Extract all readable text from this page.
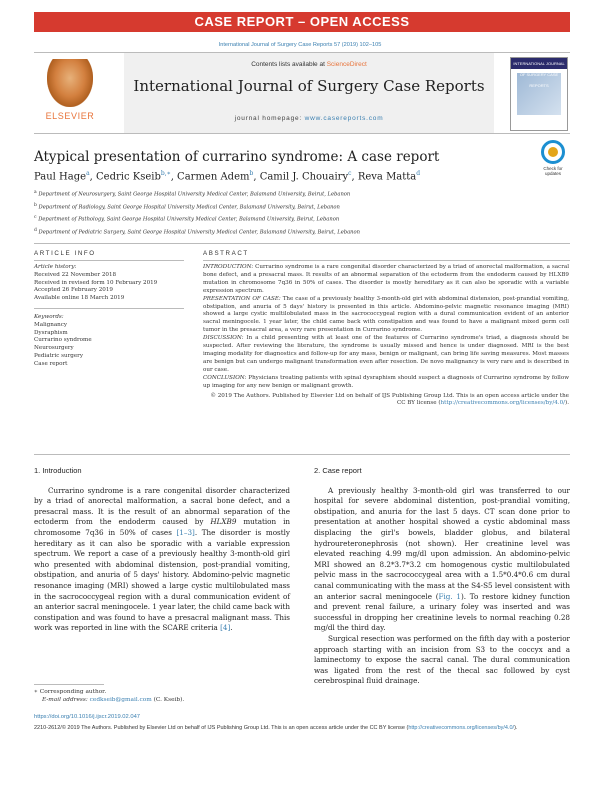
CASE REPORT – OPEN ACCESS
International Journal of Surgery Case Reports 57 (2019) 102–105
ELSEVIER
Contents lists available at ScienceDirect
International Journal of Surgery Case Reports
journal homepage: www.casereports.com
INTERNATIONAL JOURNAL OF SURGERY CASE REPORTS
Atypical presentation of currarino syndrome: A case report
Check for updates
Paul Hage$^a$, Cedric Kseib$^{b,∗}$, Carmen Adem$^b$, Camil J. Chouairy$^c$, Reva Matta$^d$
$^a$ Department of Neurosurgery, Saint George Hospital University Medical Center, Balamand University, Beirut, Lebanon
$^b$ Department of Radiology, Saint George Hospital University Medical Center, Balamand University, Beirut, Lebanon
$^c$ Department of Pathology, Saint George Hospital University Medical Center, Balamand University, Beirut, Lebanon
$^d$ Department of Pediatric Surgery, Saint George Hospital University Medical Center, Balamand University, Beirut, Lebanon
ARTICLE INFO	ABSTRACT
Article history:
Received 22 November 2018
Received in revised form 10 February 2019
Accepted 26 February 2019
Available online 18 March 2019
Keywords:
Malignancy
Dysraphism
Currarino syndrome
Neurosurgery
Pediatric surgery
Case report
INTRODUCTION: Currarino syndrome is a rare congenital disorder characterized by a triad of anorectal malformation, a sacral bone defect, and a presacral mass. It results of an abnormal separation of the ectoderm from the endoderm caused by HLXB9 mutation in chromosome 7q36 in 50% of cases. The disorder is mostly hereditary as it can also be sporadic with a variable expression spectrum.
PRESENTATION OF CASE: The case of a previously healthy 3-month-old girl with abdominal distension, post-prandial vomiting, obstipation, and anuria of 5 days' history is presented in this article. Abdomino-pelvic magnetic resonance imaging (MRI) showed a large cystic multilobulated mass in the sacrococcygeal region with a dural communication evident of an anterior sacral meningocele. 1 year later, the child came back with constipation and was found to have a malignant mixed germ cell tumor in the presacral area, a very rare presentation in Currarino syndrome.
DISCUSSION: In a child presenting with at least one of the features of Currarino syndrome's triad, a diagnosis should be suspected. After reviewing the literature, the syndrome is usually missed and hence is under diagnosed. MRI is the best imaging modality for diagnostics and follow-up for any mass, benign or malignant, can bring life saving measures. Most masses are benign but can undergo malignant transformation even after resection. De novo malignancy is very rare and is described in our case.
CONCLUSION: Physicians treating patients with spinal dysraphism should suspect a diagnosis of Currarino syndrome by follow up imaging for any new benign or malignant growth.
© 2019 The Authors. Published by Elsevier Ltd on behalf of IJS Publishing Group Ltd. This is an open access article under the CC BY license (http://creativecommons.org/licenses/by/4.0/).
1. Introduction

Currarino syndrome is a rare congenital disorder characterized by a triad of anorectal malformation, a sacral bone defect, and a presacral mass. It is the result of an abnormal separation of the ectoderm from the endoderm caused by HLXB9 mutation in chromosome 7q36 in 50% of cases [1–3]. The disorder is mostly hereditary as it can also be sporadic with a variable expression spectrum. We report a case of a previously healthy 3-month-old girl who presented with abdominal distension, post-prandial vomiting, obstipation, and anuria of 5 days' history. Abdomino-pelvic magnetic resonance imaging (MRI) showed a large cystic multilobulated mass in the sacrococcygeal region with a dural communication evident of an anterior sacral meningocele. 1 year later, the child came back with constipation and was found to have a presacral malignant mass. This work was reported in line with the SCARE criteria [4].

2. Case report

A previously healthy 3-month-old girl was transferred to our hospital for severe abdominal distention, post-prandial vomiting, obstipation, and anuria for the last 5 days. CT scan done prior to presentation at another hospital showed a cystic abdominal mass displacing the girl's bowels, bladder globus, and bilateral hydroureteronephrosis (not shown). Her creatinine level was elevated reaching 4.99 mg/dl upon admission. An abdomino-pelvic MRI showed an 8.2*3.7*3.2 cm homogenous cystic multilobulated pelvic mass in the sacrococcygeal area with a 1.5*0.4*0.6 cm dural canal communicating with the mass at the S4-S5 level consistent with an anterior sacral meningocele (Fig. 1). To restore kidney function and prevent renal failure, a urinary foley was inserted and was successful in dropping her creatinine levels to normal reaching 0.28 mg/dl the third day.

Surgical resection was performed on the fifth day with a posterior approach starting with an incision from S3 to the coccyx and a laminectomy to expose the sacral canal. The dural communication was ligated from the rest of the thecal sac followed by cyst cerebrospinal fluid drainage.

∗ Corresponding author.
E-mail address: cedkseib@gmail.com (C. Kseib).
https://doi.org/10.1016/j.ijscr.2019.02.047
2210-2612/© 2019 The Authors. Published by Elsevier Ltd on behalf of IJS Publishing Group Ltd. This is an open access article under the CC BY license (http://creativecommons.org/licenses/by/4.0/).
